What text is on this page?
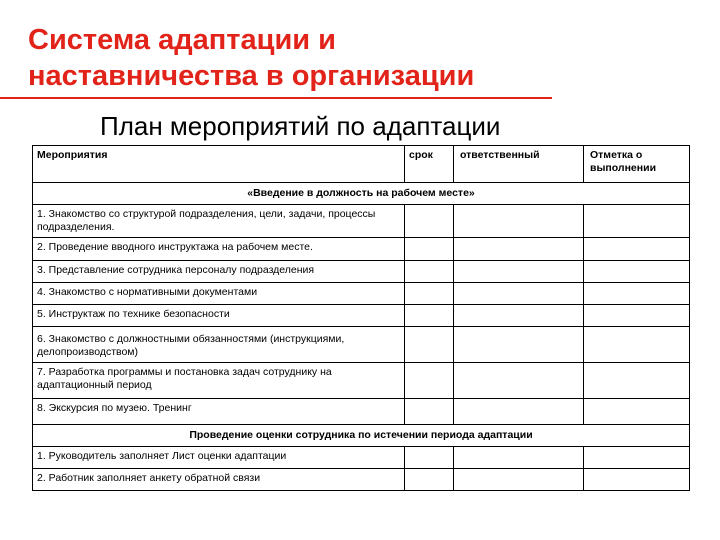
Система адаптации и
наставничества в организации
План мероприятий по адаптации
Мероприятия	срок	ответственный	Отметка о выполнении
«Введение в должность на рабочем месте»			
1. Знакомство со структурой подразделения, цели, задачи, процессы подразделения.			
2. Проведение вводного инструктажа на рабочем месте.			
3. Представление сотрудника персоналу подразделения			
4. Знакомство с нормативными документами			
5. Инструктаж по технике безопасности			
6. Знакомство с должностными обязанностями (инструкциями, делопроизводством)			
7. Разработка программы и постановка задач сотруднику на адаптационный период			
8. Экскурсия по музею. Тренинг			
Проведение оценки сотрудника по истечении периода адаптации			
1. Руководитель заполняет Лист оценки адаптации			
2. Работник заполняет анкету обратной связи			
